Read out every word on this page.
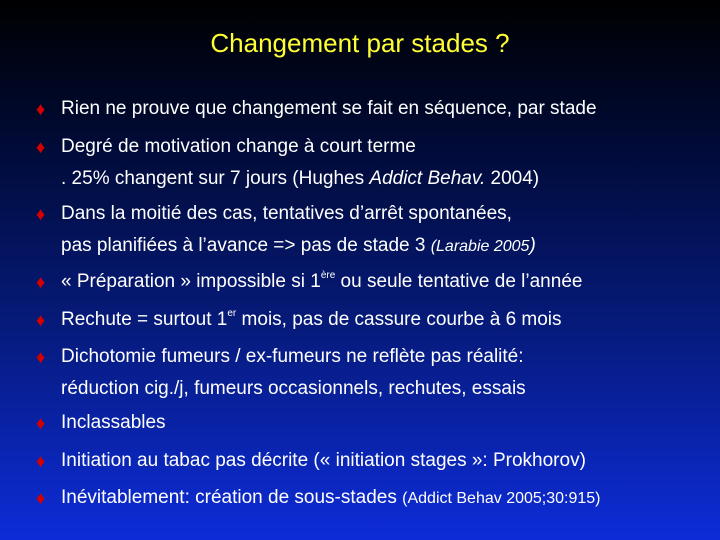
Changement par stades ?
♦ Rien ne prouve que changement se fait en séquence, par stade
♦ Degré de motivation change à court terme
. 25% changent sur 7 jours (Hughes Addict Behav. 2004)
♦ Dans la moitié des cas, tentatives d’arrêt spontanées,
pas planifiées à l’avance => pas de stade 3 (Larabie 2005)
♦ « Préparation » impossible si 1ère ou seule tentative de l’année
♦ Rechute = surtout 1er mois, pas de cassure courbe à 6 mois
♦ Dichotomie fumeurs / ex-fumeurs ne reflète pas réalité:
réduction cig./j, fumeurs occasionnels, rechutes, essais
♦ Inclassables
♦ Initiation au tabac pas décrite (« initiation stages »: Prokhorov)
♦ Inévitablement: création de sous-stades (Addict Behav 2005;30:915)
